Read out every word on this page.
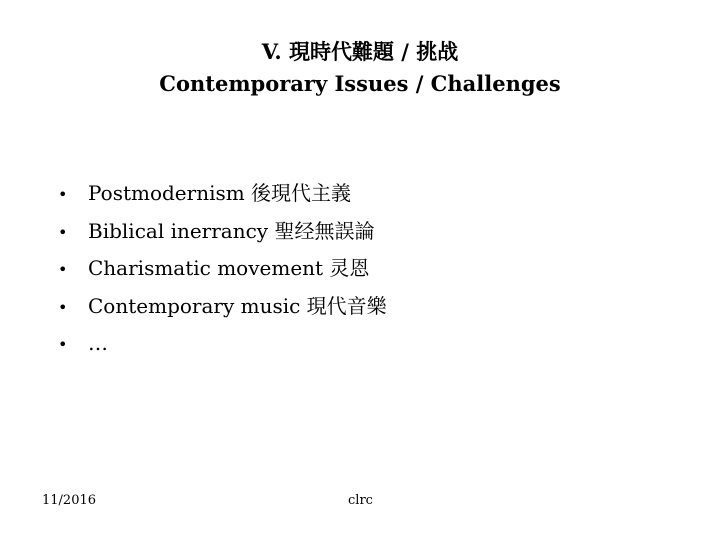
V. 現時代難題 / 挑战
Contemporary Issues / Challenges
•	Postmodernism 後現代主義
•	Biblical inerrancy 聖经無誤論
•	Charismatic movement 灵恩
•	Contemporary music 現代音樂
•	…
11/2016	clrc
